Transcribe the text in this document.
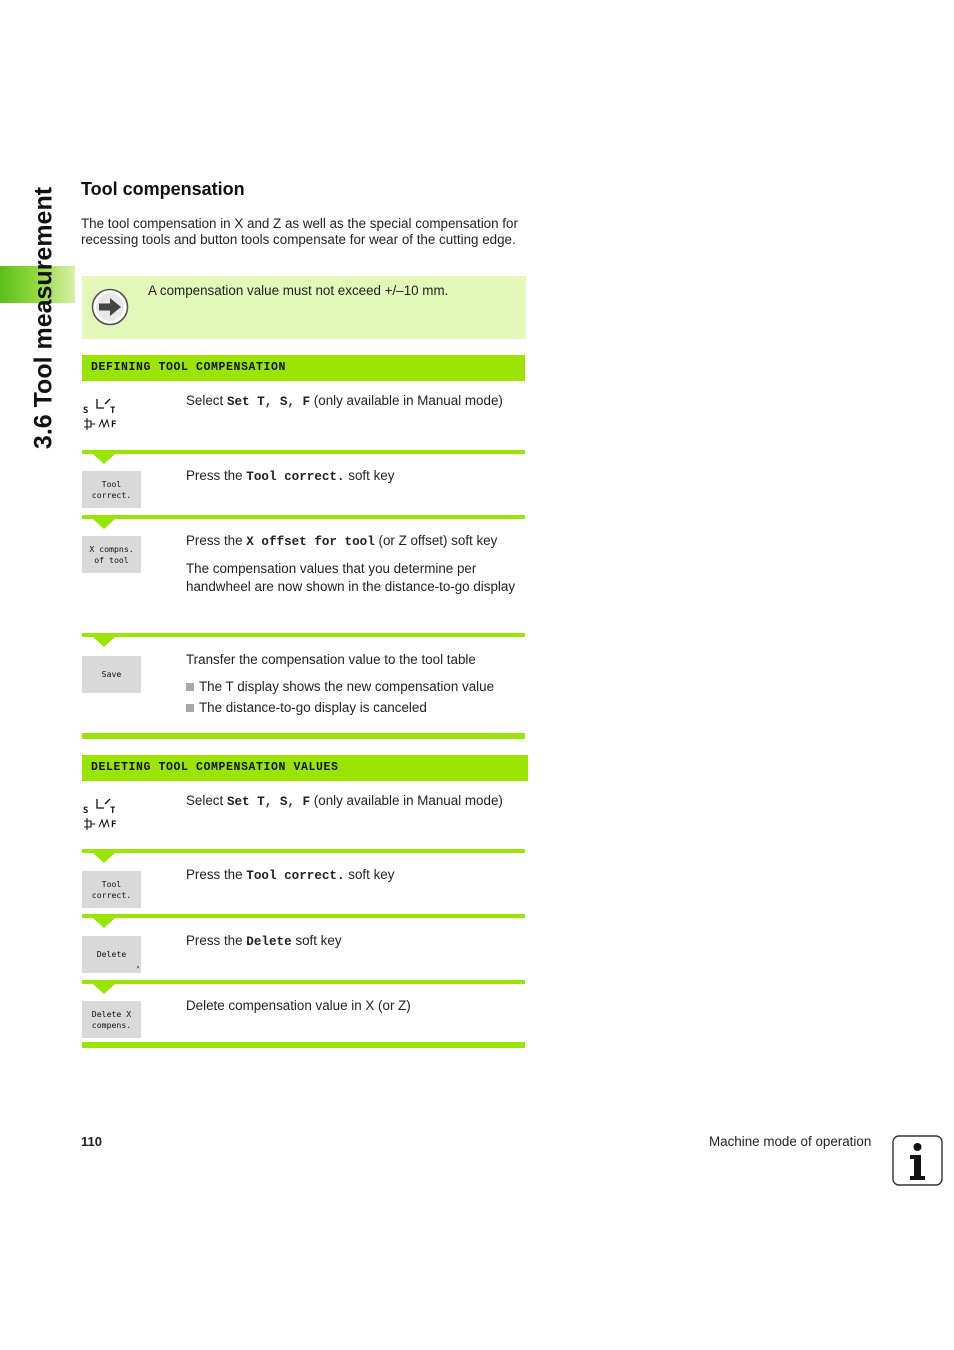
3.6 Tool measurement Tool compensation

The tool compensation in X and Z as well as the special compensation for recessing tools and button tools compensate for wear of the cutting edge.

A compensation value must not exceed +/–10 mm.
DEFINING TOOL COMPENSATION
S T
F
Select Set T, S, F (only available in Manual mode)
Tool
correct.
Press the Tool correct. soft key
X compns.
of tool
Press the X offset for tool (or Z offset) soft key
The compensation values that you determine per handwheel are now shown in the distance-to-go display
Save
Transfer the compensation value to the tool table
The T display shows the new compensation value
The distance-to-go display is canceled
DELETING TOOL COMPENSATION VALUES
S T
F
Select Set T, S, F (only available in Manual mode)
Tool
correct.
Press the Tool correct. soft key
Delete
⸗
Press the Delete soft key
Delete X
compens.
Delete compensation value in X (or Z)
110	Machine mode of operation
